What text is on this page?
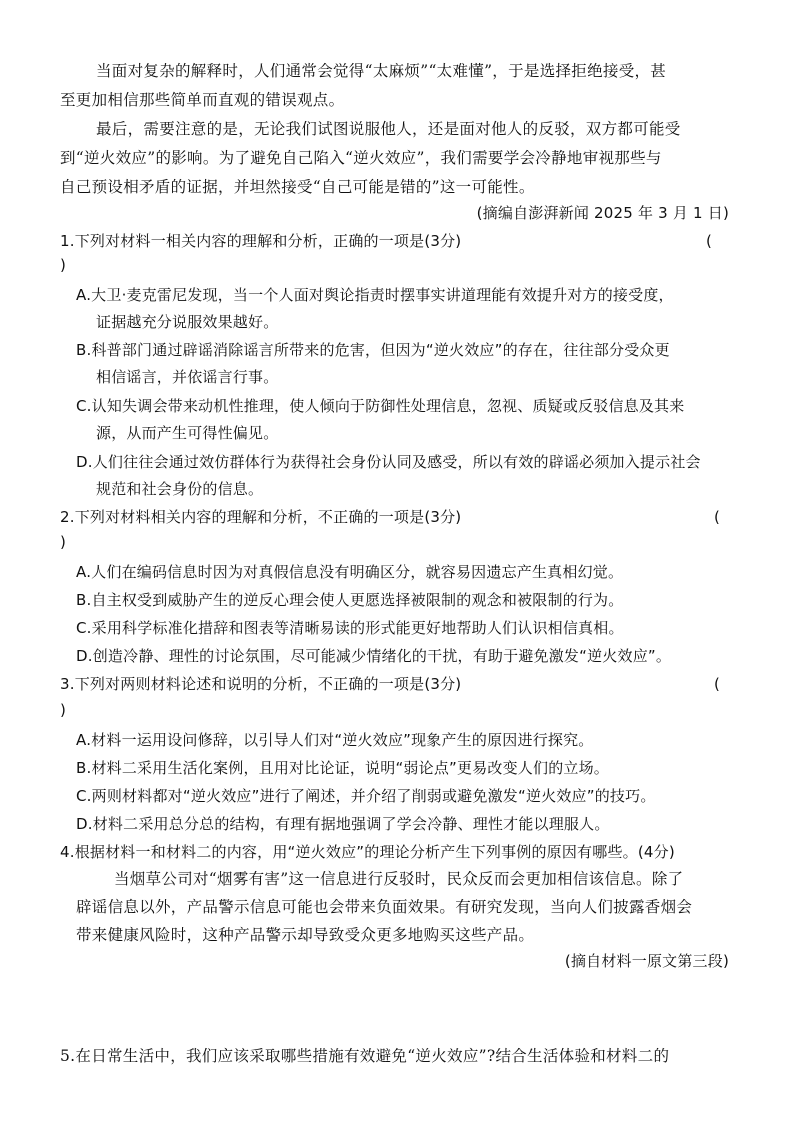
当面对复杂的解释时，人们通常会觉得“太麻烦”“太难懂”，于是选择拒绝接受，甚
至更加相信那些简单而直观的错误观点。
最后，需要注意的是，无论我们试图说服他人，还是面对他人的反驳，双方都可能受
到“逆火效应”的影响。为了避免自己陷入“逆火效应”，我们需要学会冷静地审视那些与
自己预设相矛盾的证据，并坦然接受“自己可能是错的”这一可能性。
(摘编自澎湃新闻 2025 年 3 月 1 日)
1.下列对材料一相关内容的理解和分析，正确的一项是(3分)	(
)
A.大卫·麦克雷尼发现，当一个人面对舆论指责时摆事实讲道理能有效提升对方的接受度，
证据越充分说服效果越好。
B.科普部门通过辟谣消除谣言所带来的危害，但因为“逆火效应”的存在，往往部分受众更
相信谣言，并依谣言行事。
C.认知失调会带来动机性推理，使人倾向于防御性处理信息，忽视、质疑或反驳信息及其来
源，从而产生可得性偏见。
D.人们往往会通过效仿群体行为获得社会身份认同及感受，所以有效的辟谣必须加入提示社会
规范和社会身份的信息。
2.下列对材料相关内容的理解和分析，不正确的一项是(3分)	(
)
A.人们在编码信息时因为对真假信息没有明确区分，就容易因遗忘产生真相幻觉。
B.自主权受到威胁产生的逆反心理会使人更愿选择被限制的观念和被限制的行为。
C.采用科学标准化措辞和图表等清晰易读的形式能更好地帮助人们认识相信真相。
D.创造冷静、理性的讨论氛围，尽可能减少情绪化的干扰，有助于避免激发“逆火效应”。
3.下列对两则材料论述和说明的分析，不正确的一项是(3分)	(
)
A.材料一运用设问修辞，以引导人们对“逆火效应”现象产生的原因进行探究。
B.材料二采用生活化案例，且用对比论证，说明“弱论点”更易改变人们的立场。
C.两则材料都对“逆火效应”进行了阐述，并介绍了削弱或避免激发“逆火效应”的技巧。
D.材料二采用总分总的结构，有理有据地强调了学会冷静、理性才能以理服人。
4.根据材料一和材料二的内容，用“逆火效应”的理论分析产生下列事例的原因有哪些。(4分)
当烟草公司对“烟雾有害”这一信息进行反驳时，民众反而会更加相信该信息。除了
辟谣信息以外，产品警示信息可能也会带来负面效果。有研究发现，当向人们披露香烟会
带来健康风险时，这种产品警示却导致受众更多地购买这些产品。
(摘自材料一原文第三段)
5.在日常生活中，我们应该采取哪些措施有效避免“逆火效应”?结合生活体验和材料二的
